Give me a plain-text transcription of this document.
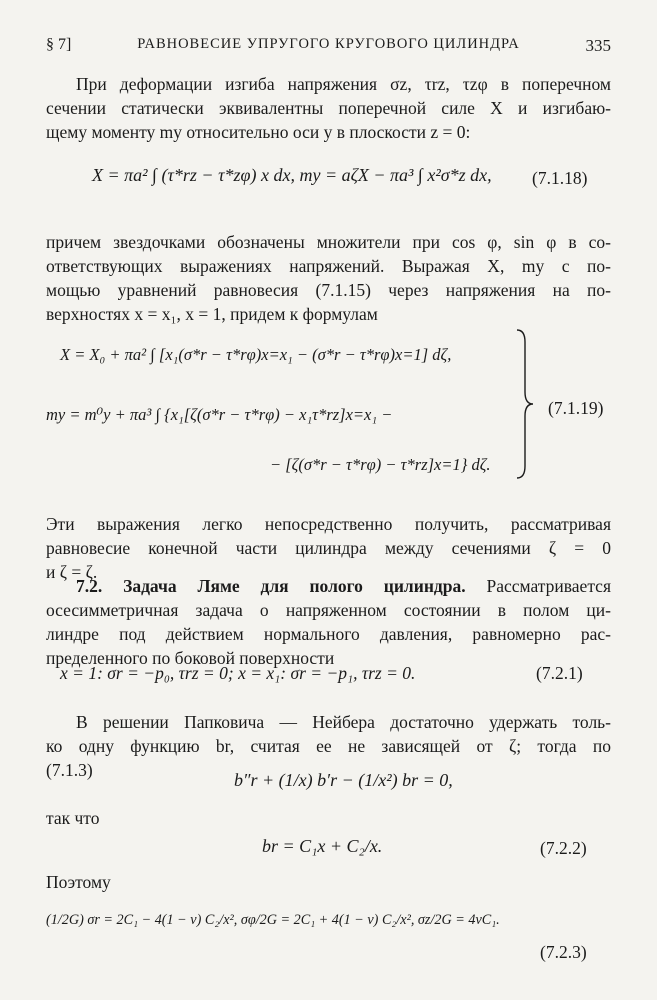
§ 7]	РАВНОВЕСИЕ УПРУГОГО КРУГОВОГО ЦИЛИНДРА	335
При деформации изгиба напряжения σz, τrz, τzφ в поперечном
сечении статически эквивалентны поперечной силе X и изгибаю-
щему моменту my относительно оси y в плоскости z = 0:
X = πa² ∫ (τ*rz − τ*zφ) x dx, my = aζX − πa³ ∫ x²σ*z dx, (7.1.18)
причем звездочками обозначены множители при cos φ, sin φ в со-
ответствующих выражениях напряжений. Выражая X, my с по-
мощью уравнений равновесия (7.1.15) через напряжения на по-
верхностях x = x₁, x = 1, придем к формулам
X = X₀ + πa² ∫ [x₁(σ*r − τ*rφ)x=x₁ − (σ*r − τ*rφ)x=1] dζ,
my = m⁰y + πa³ ∫ {x₁[ζ(σ*r − τ*rφ) − x₁τ*rz]x=x₁ −
− [ζ(σ*r − τ*rφ) − τ*rz]x=1} dζ.
(7.1.19)
Эти выражения легко непосредственно получить, рассматривая
равновесие конечной части цилиндра между сечениями ζ = 0
и ζ = ζ.
7.2. Задача Ляме для полого цилиндра. Рассматривается
осесимметричная задача о напряженном состоянии в полом ци-
линдре под действием нормального давления, равномерно рас-
пределенного по боковой поверхности
x = 1: σr = −p₀, τrz = 0; x = x₁: σr = −p₁, τrz = 0.	(7.2.1)
В решении Папковича — Нейбера достаточно удержать толь-
ко одну функцию br, считая ее не зависящей от ζ; тогда по
(7.1.3)	b″r + (1/x) b′r − (1/x²) br = 0,
так что
br = C₁x + C₂/x.	(7.2.2)
Поэтому
(1/2G) σr = 2C₁ − 4(1 − ν) C₂/x², σφ/2G = 2C₁ + 4(1 − ν) C₂/x², σz/2G = 4νC₁.
(7.2.3)
